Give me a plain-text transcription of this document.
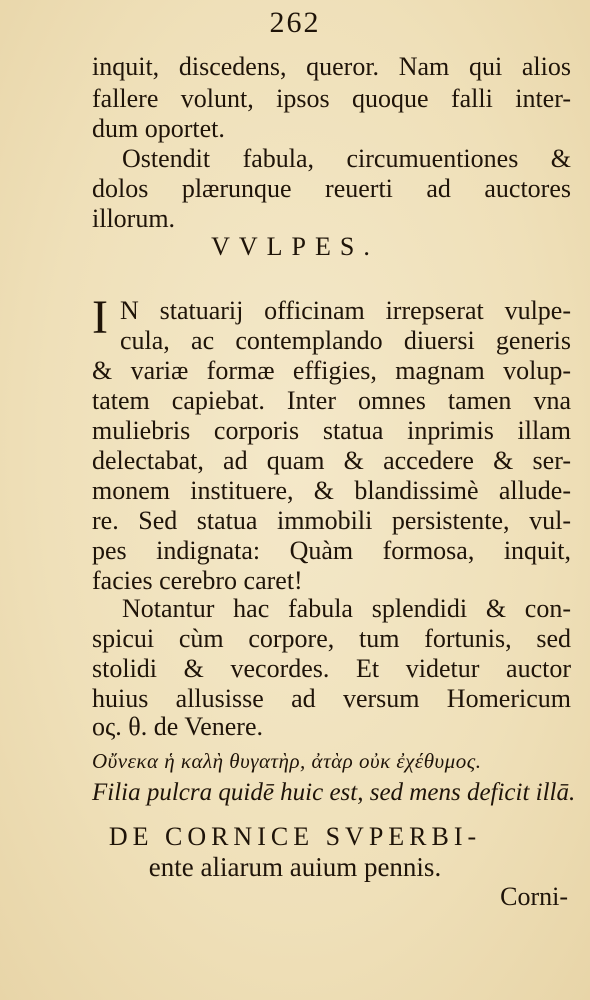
262
inquit, discedens, queror. Nam qui alios
fallere volunt, ipsos quoque falli inter-
dum oportet.
Ostendit fabula, circumuentiones &
dolos plærunque reuerti ad auctores
illorum.
VVLPES.
I N statuarij officinam irrepserat vulpe-
cula, ac contemplando diuersi generis
& variæ formæ effigies, magnam volup-
tatem capiebat. Inter omnes tamen vna
muliebris corporis statua inprimis illam
delectabat, ad quam & accedere & ser-
monem instituere, & blandissimè allude-
re. Sed statua immobili persistente, vul-
pes indignata: Quàm formosa, inquit,
facies cerebro caret!
Notantur hac fabula splendidi & con-
spicui cùm corpore, tum fortunis, sed
stolidi & vecordes. Et videtur auctor
huius allusisse ad versum Homericum
ος. θ. de Venere.
Οὔνεκα ἡ καλὴ θυγατὴρ, ἀτὰρ οὐκ ἐχέθυμος.
Filia pulcra quidē huic est, sed mens deficit illā.
DE CORNICE SVPERBI-
ente aliarum auium pennis.
Corni-
